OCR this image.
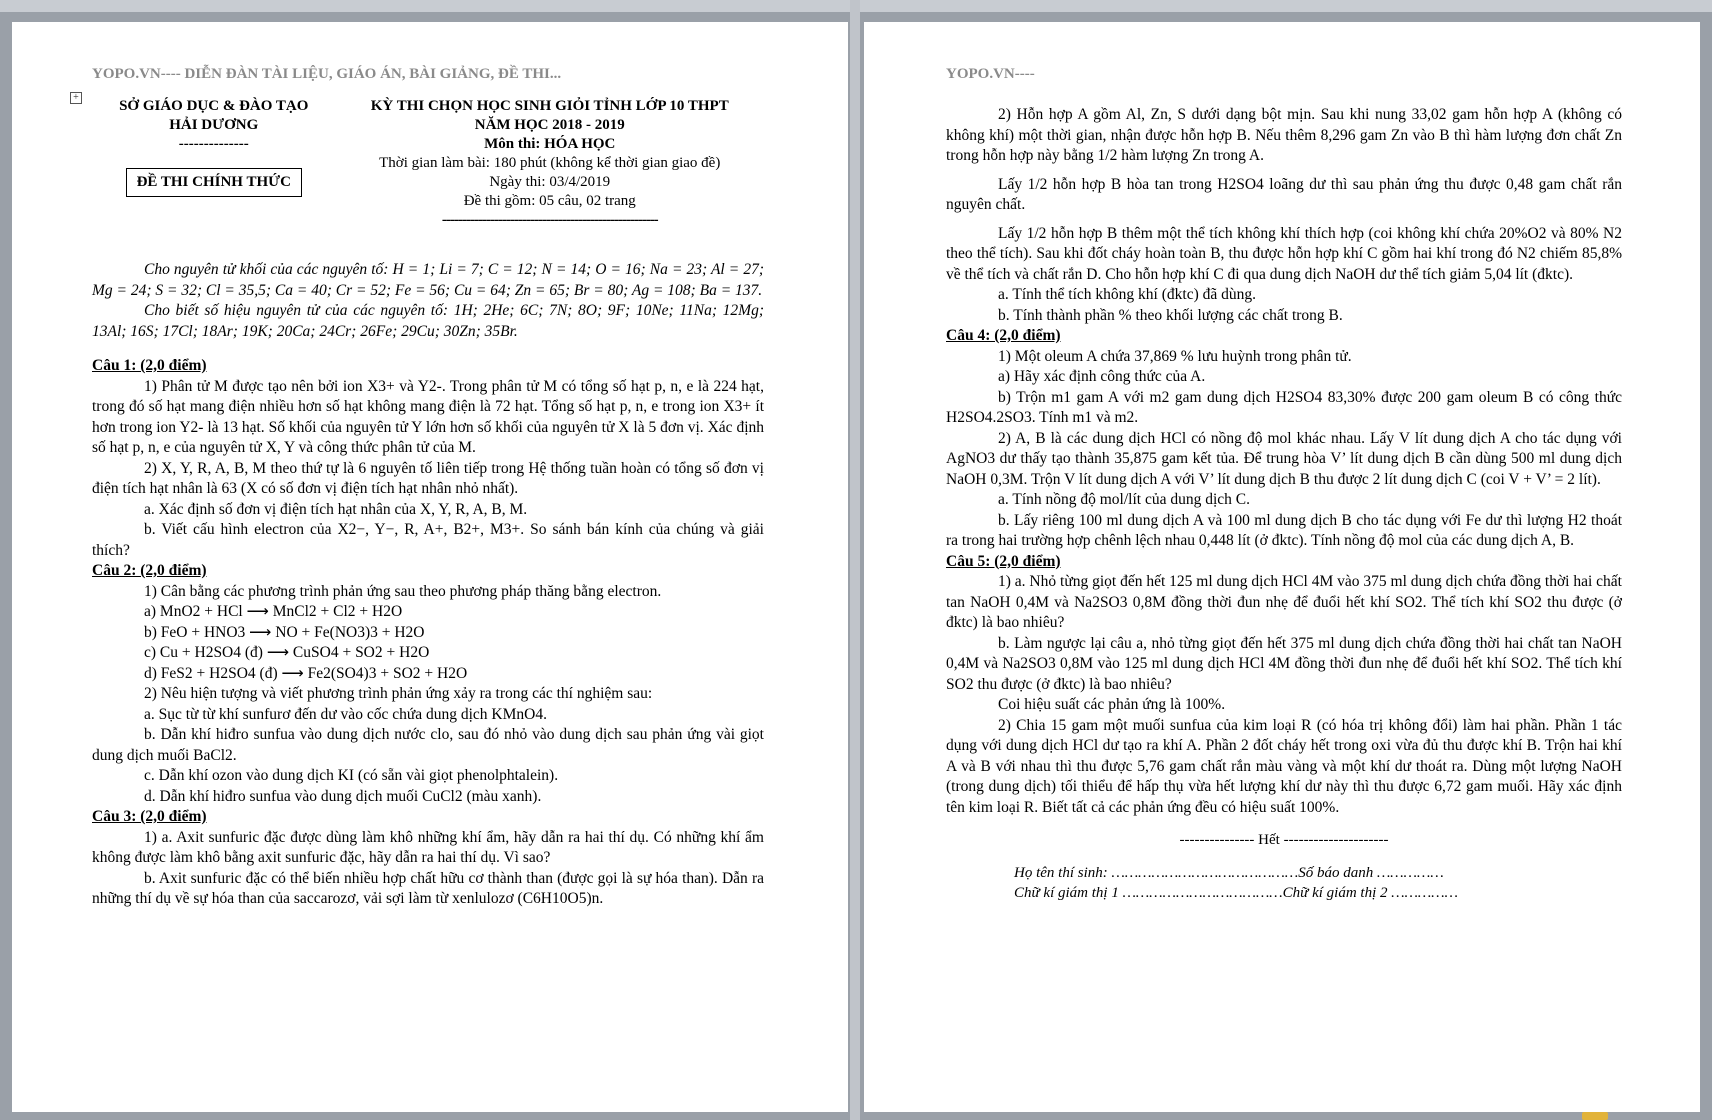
+
YOPO.VN---- DIỄN ĐÀN TÀI LIỆU, GIÁO ÁN, BÀI GIẢNG, ĐỀ THI...
SỞ GIÁO DỤC & ĐÀO TẠO
HẢI DƯƠNG
--------------
ĐỀ THI CHÍNH THỨC
KỲ THI CHỌN HỌC SINH GIỎI TỈNH LỚP 10 THPT
NĂM HỌC 2018 - 2019
Môn thi: HÓA HỌC
Thời gian làm bài: 180 phút (không kể thời gian giao đề)
Ngày thi: 03/4/2019
Đề thi gồm: 05 câu, 02 trang
------------------------------------------------------

Cho nguyên tử khối của các nguyên tố: H = 1; Li = 7; C = 12; N = 14; O = 16; Na = 23; Al = 27; Mg = 24; S = 32; Cl = 35,5; Ca = 40; Cr = 52; Fe = 56; Cu = 64; Zn = 65; Br = 80; Ag = 108; Ba = 137.

Cho biết số hiệu nguyên tử của các nguyên tố: 1H; 2He; 6C; 7N; 8O; 9F; 10Ne; 11Na; 12Mg; 13Al; 16S; 17Cl; 18Ar; 19K; 20Ca; 24Cr; 26Fe; 29Cu; 30Zn; 35Br.

Câu 1: (2,0 điểm)

1) Phân tử M được tạo nên bởi ion X3+ và Y2-. Trong phân tử M có tổng số hạt p, n, e là 224 hạt, trong đó số hạt mang điện nhiều hơn số hạt không mang điện là 72 hạt. Tổng số hạt p, n, e trong ion X3+ ít hơn trong ion Y2- là 13 hạt. Số khối của nguyên tử Y lớn hơn số khối của nguyên tử X là 5 đơn vị. Xác định số hạt p, n, e của nguyên tử X, Y và công thức phân tử của M.

2) X, Y, R, A, B, M theo thứ tự là 6 nguyên tố liên tiếp trong Hệ thống tuần hoàn có tổng số đơn vị điện tích hạt nhân là 63 (X có số đơn vị điện tích hạt nhân nhỏ nhất).

a. Xác định số đơn vị điện tích hạt nhân của X, Y, R, A, B, M.

b. Viết cấu hình electron của X2−, Y−, R, A+, B2+, M3+. So sánh bán kính của chúng và giải thích?

Câu 2: (2,0 điểm)

1) Cân bằng các phương trình phản ứng sau theo phương pháp thăng bằng electron.

a) MnO2 + HCl ⟶ MnCl2 + Cl2 + H2O

b) FeO + HNO3 ⟶ NO + Fe(NO3)3 + H2O

c) Cu + H2SO4 (đ) ⟶ CuSO4 + SO2 + H2O

d) FeS2 + H2SO4 (đ) ⟶ Fe2(SO4)3 + SO2 + H2O

2) Nêu hiện tượng và viết phương trình phản ứng xảy ra trong các thí nghiệm sau:

a. Sục từ từ khí sunfurơ đến dư vào cốc chứa dung dịch KMnO4.

b. Dẫn khí hiđro sunfua vào dung dịch nước clo, sau đó nhỏ vào dung dịch sau phản ứng vài giọt dung dịch muối BaCl2.

c. Dẫn khí ozon vào dung dịch KI (có sẵn vài giọt phenolphtalein).

d. Dẫn khí hiđro sunfua vào dung dịch muối CuCl2 (màu xanh).

Câu 3: (2,0 điểm)

1) a. Axit sunfuric đặc được dùng làm khô những khí ẩm, hãy dẫn ra hai thí dụ. Có những khí ẩm không được làm khô bằng axit sunfuric đặc, hãy dẫn ra hai thí dụ. Vì sao?

b. Axit sunfuric đặc có thể biến nhiều hợp chất hữu cơ thành than (được gọi là sự hóa than). Dẫn ra những thí dụ về sự hóa than của saccarozơ, vải sợi làm từ xenlulozơ (C6H10O5)n.

YOPO.VN----

2) Hỗn hợp A gồm Al, Zn, S dưới dạng bột mịn. Sau khi nung 33,02 gam hỗn hợp A (không có không khí) một thời gian, nhận được hỗn hợp B. Nếu thêm 8,296 gam Zn vào B thì hàm lượng đơn chất Zn trong hỗn hợp này bằng 1/2 hàm lượng Zn trong A.

Lấy 1/2 hỗn hợp B hòa tan trong H2SO4 loãng dư thì sau phản ứng thu được 0,48 gam chất rắn nguyên chất.

Lấy 1/2 hỗn hợp B thêm một thể tích không khí thích hợp (coi không khí chứa 20%O2 và 80% N2 theo thể tích). Sau khi đốt cháy hoàn toàn B, thu được hỗn hợp khí C gồm hai khí trong đó N2 chiếm 85,8% về thể tích và chất rắn D. Cho hỗn hợp khí C đi qua dung dịch NaOH dư thể tích giảm 5,04 lít (đktc).

a. Tính thể tích không khí (đktc) đã dùng.

b. Tính thành phần % theo khối lượng các chất trong B.

Câu 4: (2,0 điểm)

1) Một oleum A chứa 37,869 % lưu huỳnh trong phân tử.

a) Hãy xác định công thức của A.

b) Trộn m1 gam A với m2 gam dung dịch H2SO4 83,30% được 200 gam oleum B có công thức H2SO4.2SO3. Tính m1 và m2.

2) A, B là các dung dịch HCl có nồng độ mol khác nhau. Lấy V lít dung dịch A cho tác dụng với AgNO3 dư thấy tạo thành 35,875 gam kết tủa. Để trung hòa V’ lít dung dịch B cần dùng 500 ml dung dịch NaOH 0,3M. Trộn V lít dung dịch A với V’ lít dung dịch B thu được 2 lít dung dịch C (coi V + V’ = 2 lít).

a. Tính nồng độ mol/lít của dung dịch C.

b. Lấy riêng 100 ml dung dịch A và 100 ml dung dịch B cho tác dụng với Fe dư thì lượng H2 thoát ra trong hai trường hợp chênh lệch nhau 0,448 lít (ở đktc). Tính nồng độ mol của các dung dịch A, B.

Câu 5: (2,0 điểm)

1) a. Nhỏ từng giọt đến hết 125 ml dung dịch HCl 4M vào 375 ml dung dịch chứa đồng thời hai chất tan NaOH 0,4M và Na2SO3 0,8M đồng thời đun nhẹ để đuổi hết khí SO2. Thể tích khí SO2 thu được (ở đktc) là bao nhiêu?

b. Làm ngược lại câu a, nhỏ từng giọt đến hết 375 ml dung dịch chứa đồng thời hai chất tan NaOH 0,4M và Na2SO3 0,8M vào 125 ml dung dịch HCl 4M đồng thời đun nhẹ để đuổi hết khí SO2. Thể tích khí SO2 thu được (ở đktc) là bao nhiêu?

Coi hiệu suất các phản ứng là 100%.

2) Chia 15 gam một muối sunfua của kim loại R (có hóa trị không đổi) làm hai phần. Phần 1 tác dụng với dung dịch HCl dư tạo ra khí A. Phần 2 đốt cháy hết trong oxi vừa đủ thu được khí B. Trộn hai khí A và B với nhau thì thu được 5,76 gam chất rắn màu vàng và một khí dư thoát ra. Dùng một lượng NaOH (trong dung dịch) tối thiểu để hấp thụ vừa hết lượng khí dư này thì thu được 6,72 gam muối. Hãy xác định tên kim loại R. Biết tất cả các phản ứng đều có hiệu suất 100%.

--------------- Hết ---------------------
Họ tên thí sinh: ……………………………………Số báo danh ……………
Chữ kí giám thị 1 ………………………………Chữ kí giám thị 2 ……………
